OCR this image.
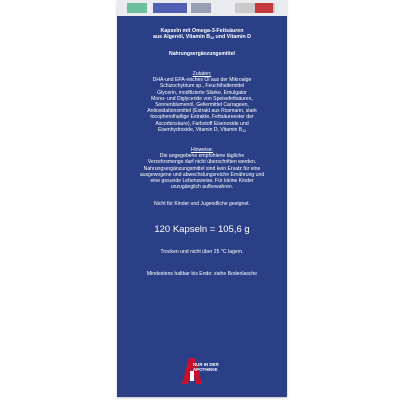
Kapseln mit Omega-3-Fettsäuren

aus Algenöl, Vitamin $B_{12}$ und Vitamin D

Nahrungsergänzungsmittel

Zutaten:

DHA-und EPA-reiches Öl aus der Mikroalge

Schizochytrium sp., Feuchthaltemittel

Glycerin, modifizierte Stärke, Emulgator

Mono- und Diglyceride von Speisefettsäuren,

Sonnenblumenöl, Geliermittel Carrageen,

Antioxidationsmittel (Extrakt aus Rosmarin, stark

tocopherolhaltige Extrakte, Fettsäureester der

Ascorbinsäure), Farbstoff Eisenoxide und

Eisenhydroxide, Vitamin D, Vitamin $B_{12}$

Hinweise:

Die angegebene empfohlene tägliche

Verzehrsmenge darf nicht überschritten werden.

Nahrungsergänzungsmittel sind kein Ersatz für eine

ausgewogene und abwechslungsreiche Ernährung und

eine gesunde Lebensweise. Für kleine Kinder

unzugänglich aufbewahren.

Nicht für Kinder und Jugendliche geeignet.

120 Kapseln = 105,6 g

Trocken und nicht über 25 °C lagern.

Mindestens haltbar bis Ende: siehe Bodenlasche

NUR IN DER
APOTHEKE
